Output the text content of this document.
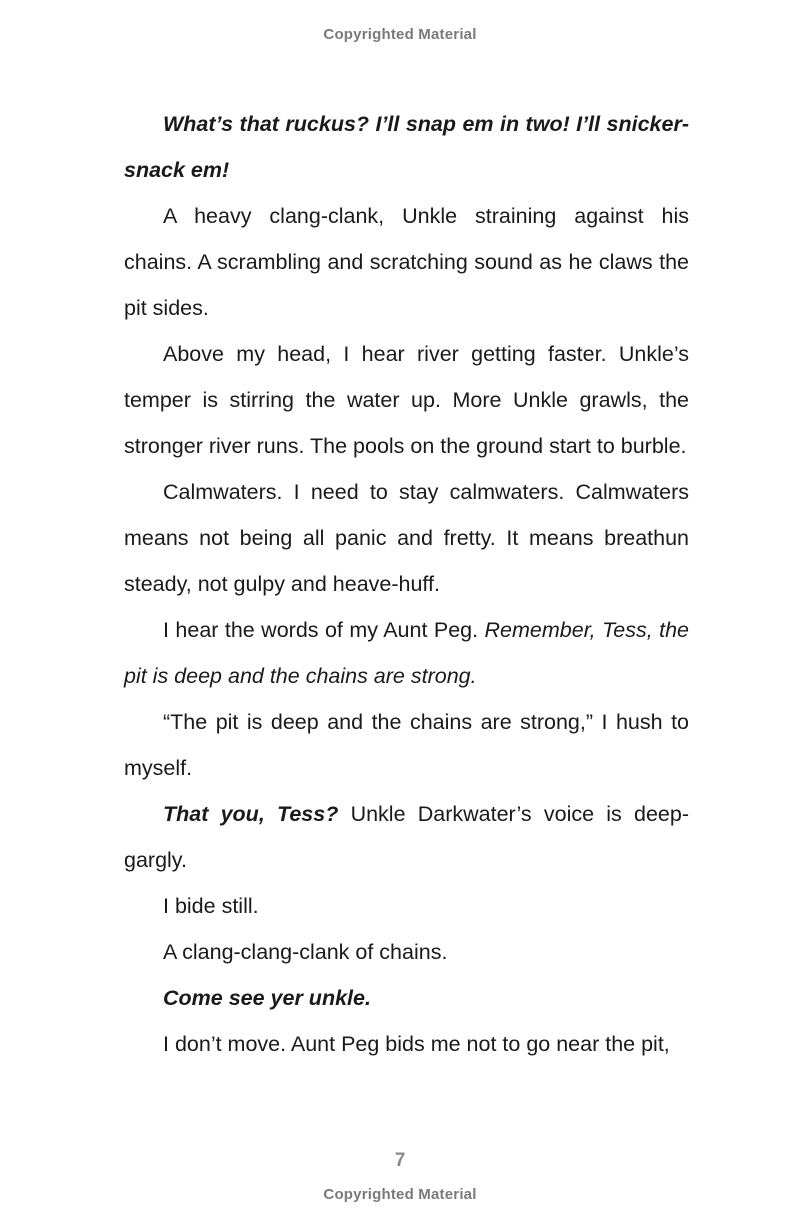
Copyrighted Material

What’s that ruckus? I’ll snap em in two! I’ll snicker-snack em!

A heavy clang-clank, Unkle straining against his chains. A scrambling and scratching sound as he claws the pit sides.

Above my head, I hear river getting faster. Unkle’s temper is stirring the water up. More Unkle grawls, the stronger river runs. The pools on the ground start to burble.

Calmwaters. I need to stay calmwaters. Calmwaters means not being all panic and fretty. It means breathun steady, not gulpy and heave-huff.

I hear the words of my Aunt Peg. Remember, Tess, the pit is deep and the chains are strong.

“The pit is deep and the chains are strong,” I hush to myself.

That you, Tess? Unkle Darkwater’s voice is deep-gargly.

I bide still.

A clang-clang-clank of chains.

Come see yer unkle.

I don’t move. Aunt Peg bids me not to go near the pit,

7
Copyrighted Material
